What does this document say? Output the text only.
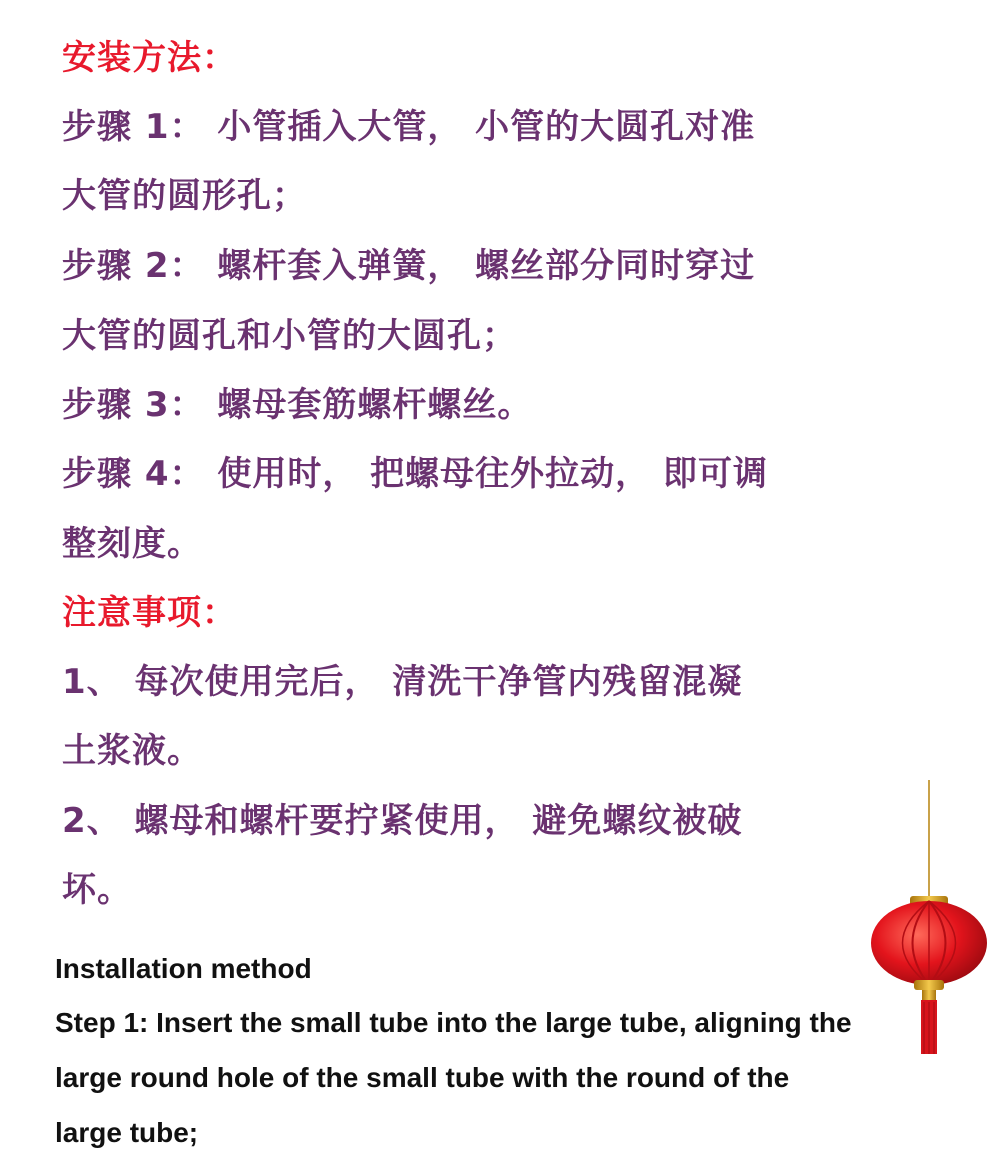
安装方法：
步骤 1： 小管插入大管， 小管的大圆孔对准
大管的圆形孔；
步骤 2： 螺杆套入弹簧， 螺丝部分同时穿过
大管的圆孔和小管的大圆孔；
步骤 3： 螺母套筋螺杆螺丝。
步骤 4： 使用时， 把螺母往外拉动， 即可调
整刻度。
注意事项：
1、 每次使用完后， 清洗干净管内残留混凝
土浆液。
2、 螺母和螺杆要拧紧使用， 避免螺纹被破
坏。
Installation method
Step 1: Insert the small tube into the large tube, aligning the
large round hole of the small tube with the round of the
large tube;
